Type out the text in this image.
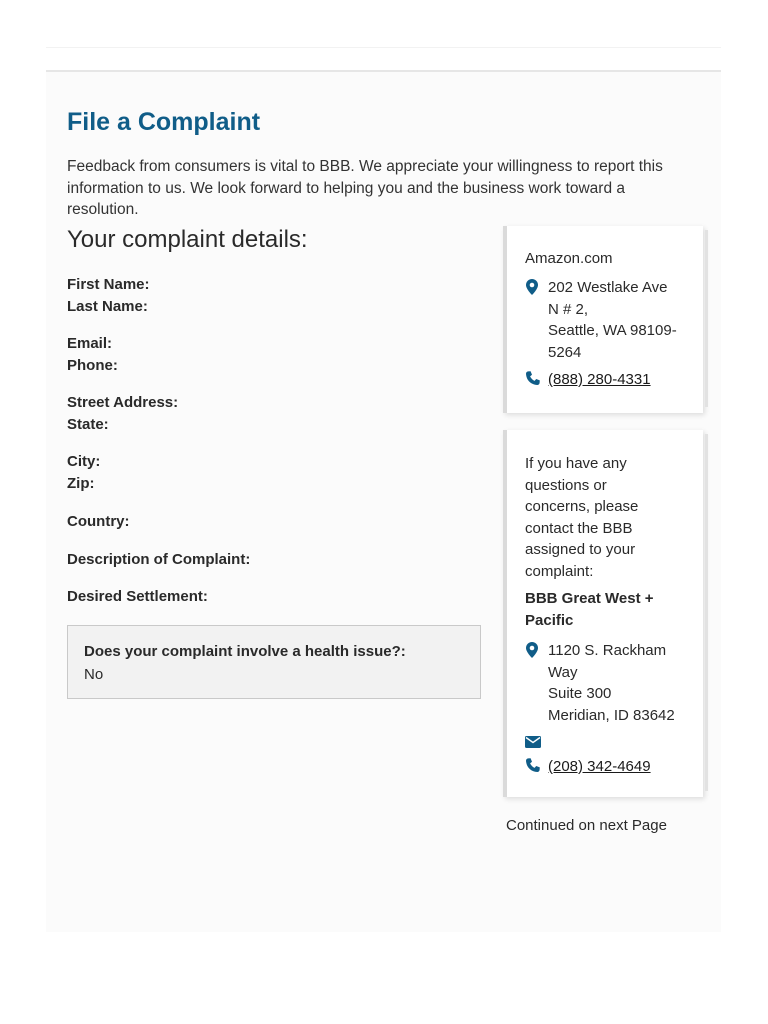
File a Complaint

Feedback from consumers is vital to BBB. We appreciate your willingness to report this
information to us. We look forward to helping you and the business work toward a
resolution.

Your complaint details:

First Name:

Last Name:

Email:

Phone:

Street Address:

State:

City:

Zip:

Country:

Description of Complaint:

Desired Settlement:

Does your complaint involve a health issue?:
No
Amazon.com
202 Westlake Ave
N # 2,
Seattle, WA 98109-
5264
(888) 280-4331
If you have any
questions or
concerns, please
contact the BBB
assigned to your
complaint:
BBB Great West +
Pacific
1120 S. Rackham
Way
Suite 300
Meridian, ID 83642
(208) 342-4649
Continued on next Page
